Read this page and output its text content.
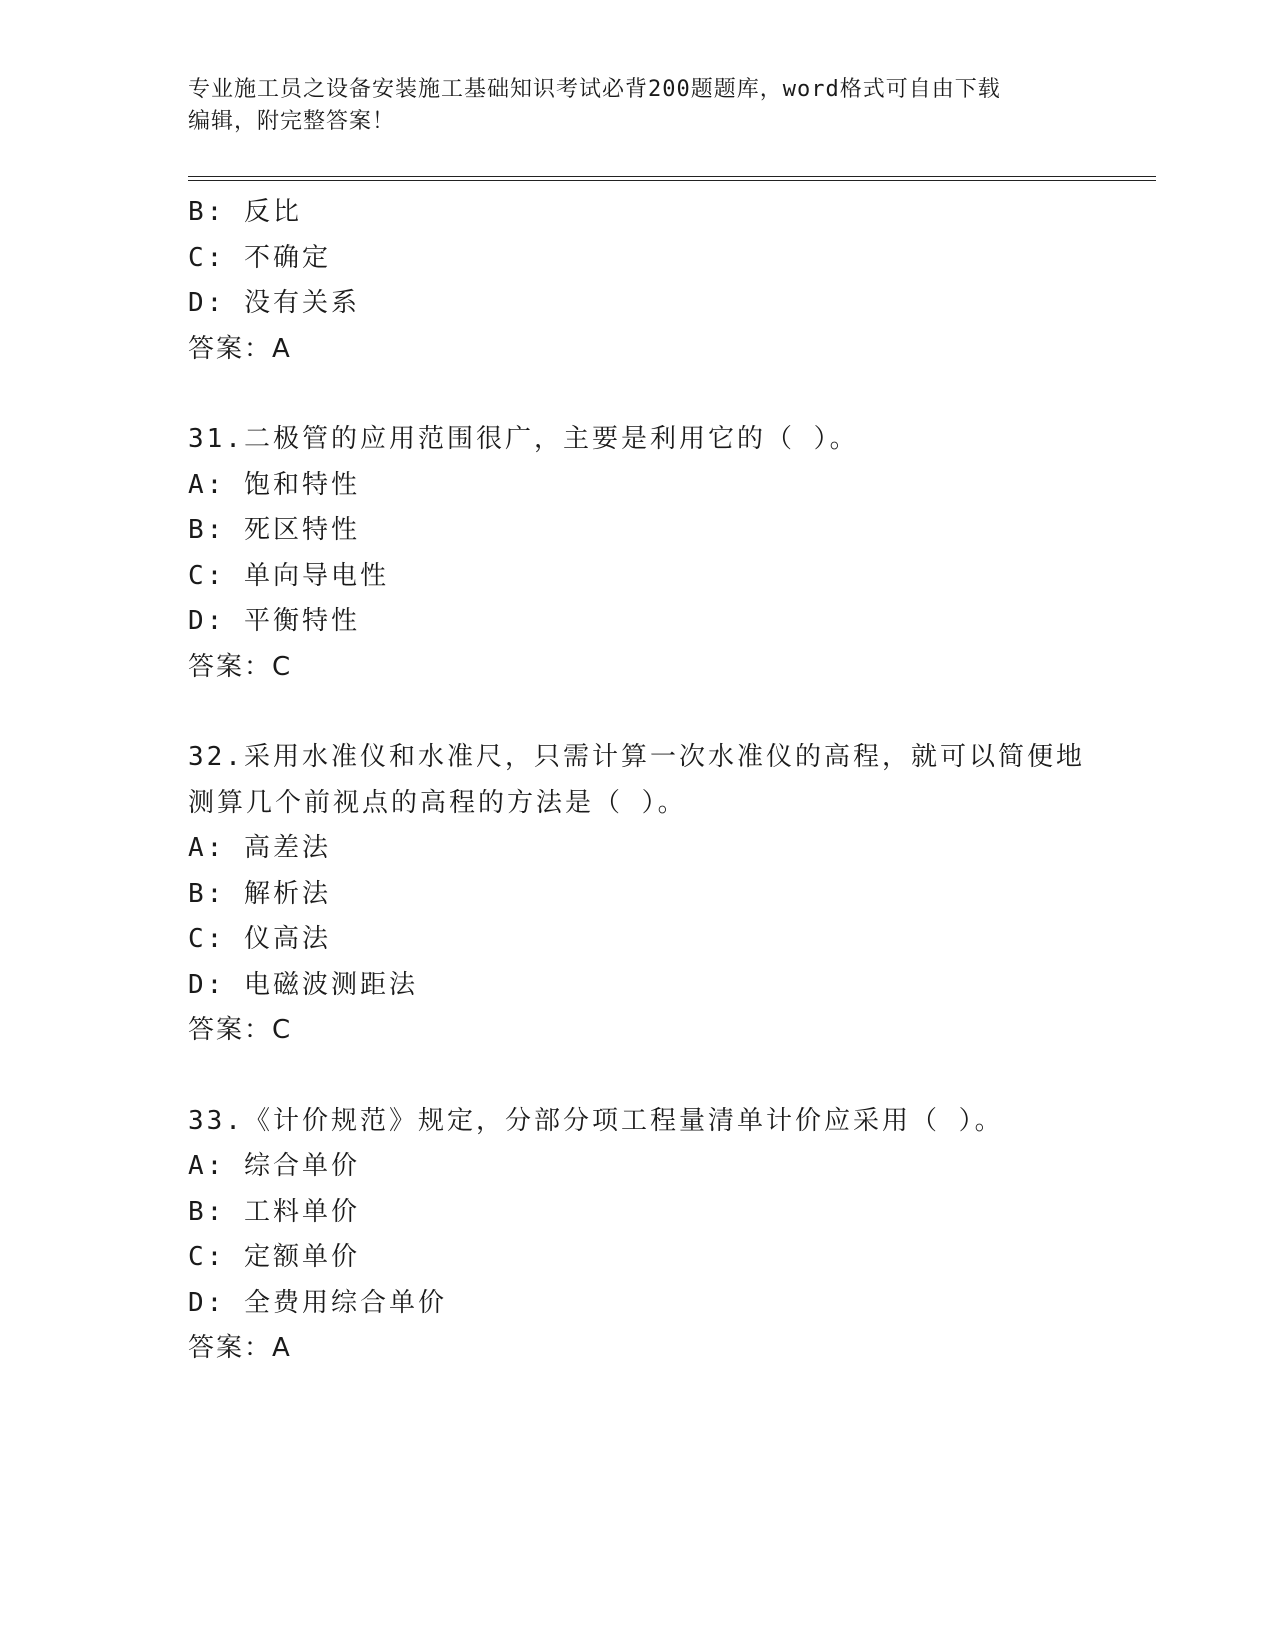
专业施工员之设备安装施工基础知识考试必背200题题库，word格式可自由下载
编辑，附完整答案！
B: 反比
C: 不确定
D: 没有关系
答案：A
31.二极管的应用范围很广，主要是利用它的（ ）。
A: 饱和特性
B: 死区特性
C: 单向导电性
D: 平衡特性
答案：C
32.采用水准仪和水准尺，只需计算一次水准仪的高程，就可以简便地
测算几个前视点的高程的方法是（ ）。
A: 高差法
B: 解析法
C: 仪高法
D: 电磁波测距法
答案：C
33.《计价规范》规定，分部分项工程量清单计价应采用（ ）。
A: 综合单价
B: 工料单价
C: 定额单价
D: 全费用综合单价
答案：A
